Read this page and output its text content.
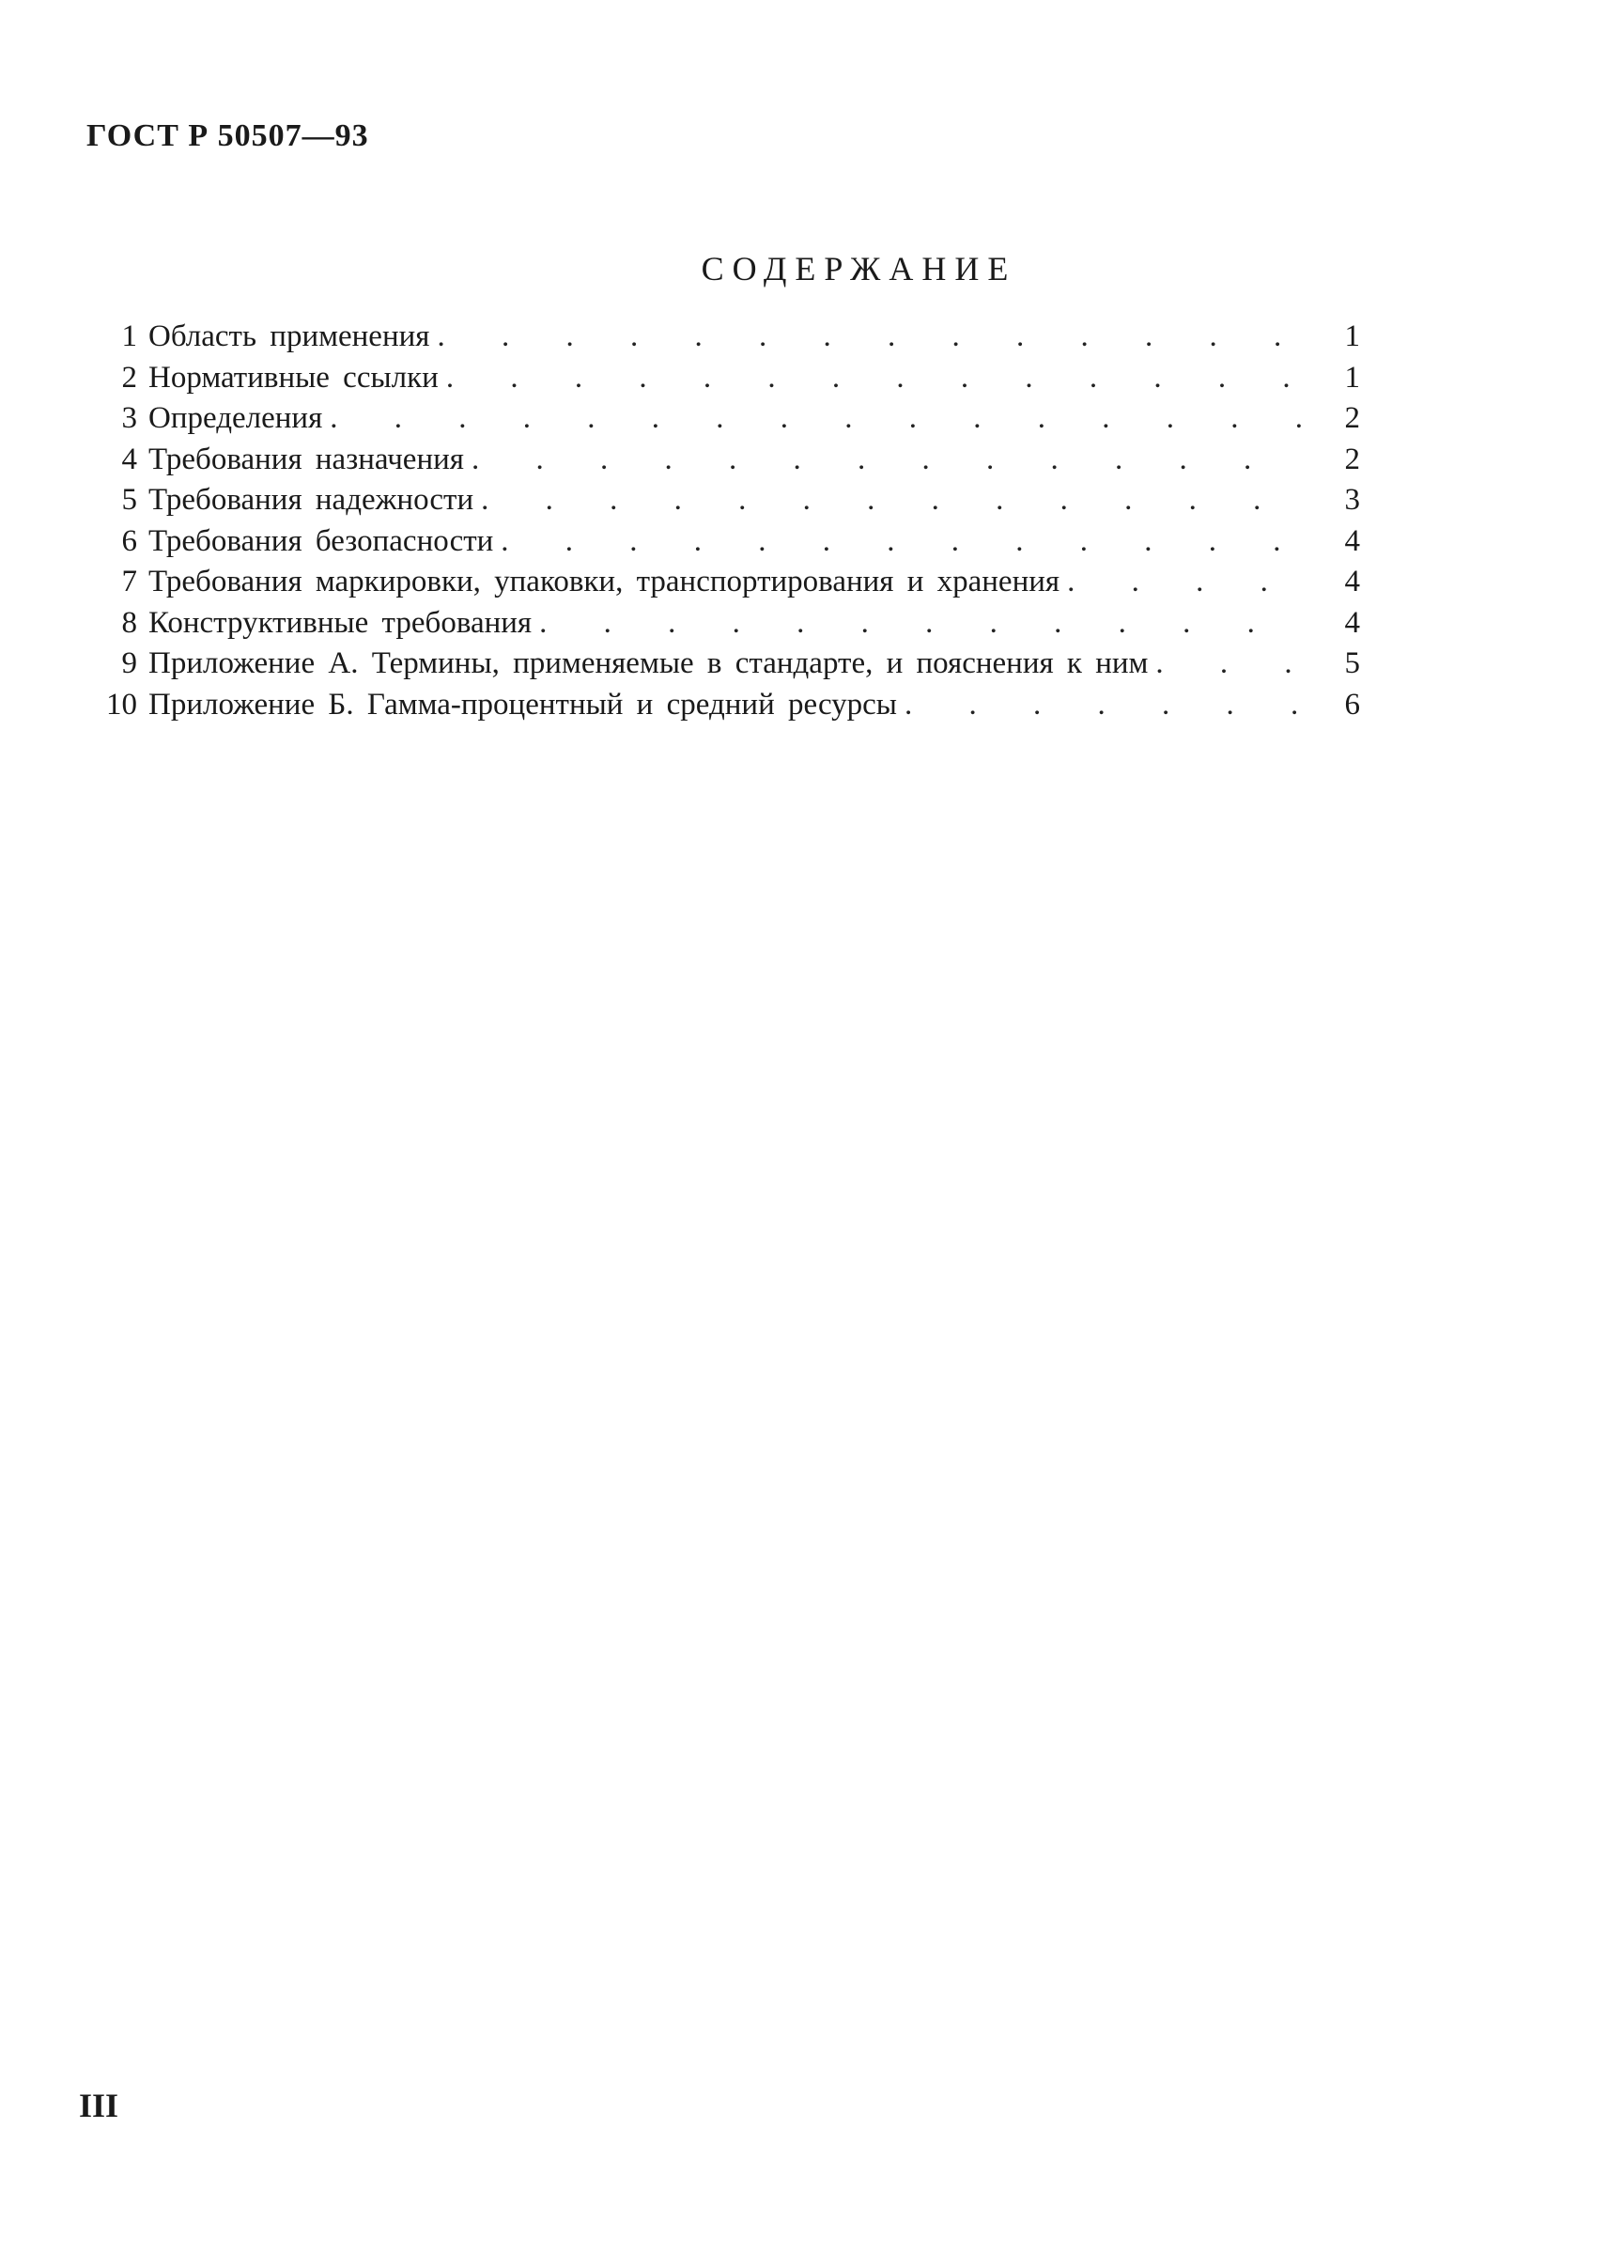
ГОСТ Р 50507—93
СОДЕРЖАНИЕ
1 Область применения . . .	1
2 Нормативные ссылки . . .	1
3 Определения . . .	2
4 Требования назначения . . .	2
5 Требования надежности . . .	3
6 Требования безопасности . . .	4
7 Требования маркировки, упаковки, транспортирования и хранения . . .	4
8 Конструктивные требования . . .	4
9 Приложение А. Термины, применяемые в стандарте, и пояснения к ним . . .	5
10 Приложение Б. Гамма-процентный и средний ресурсы . . .	6
III
